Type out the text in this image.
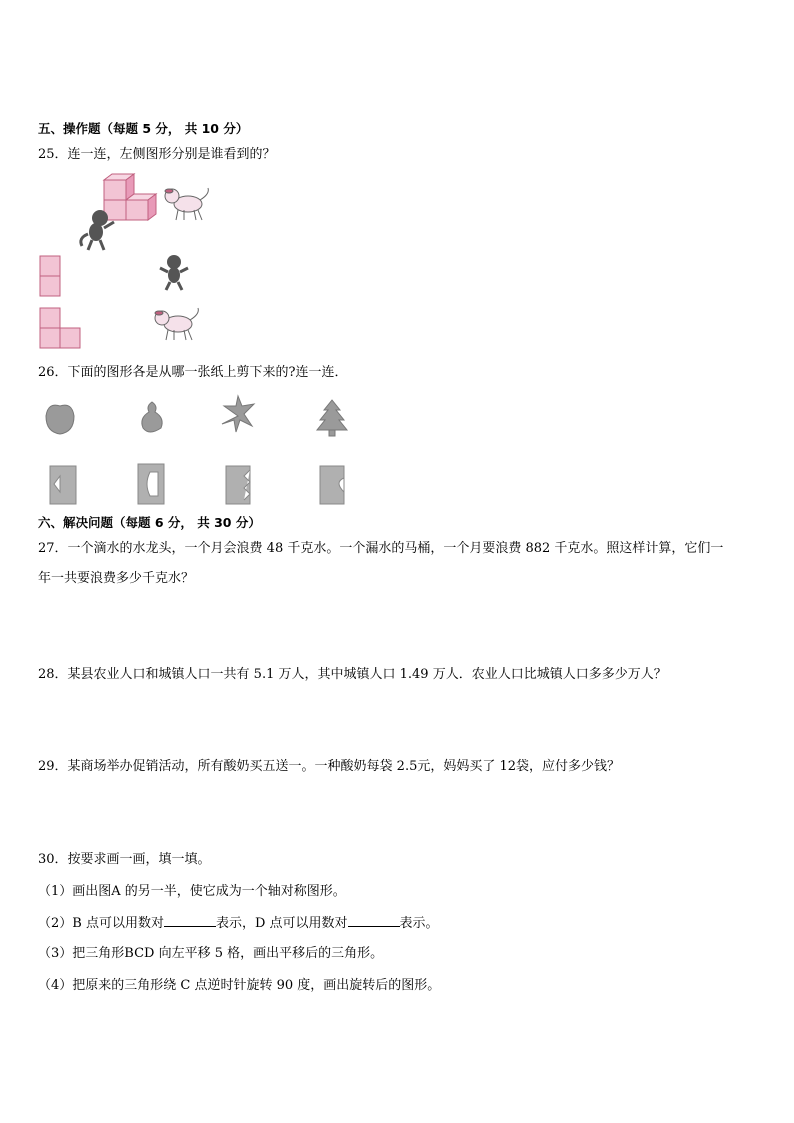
五、操作题（每题 5 分， 共 10 分）
25．连一连，左侧图形分别是谁看到的？
26．下面的图形各是从哪一张纸上剪下来的?连一连．
六、解决问题（每题 6 分， 共 30 分）
27．一个滴水的水龙头，一个月会浪费 48 千克水。一个漏水的马桶，一个月要浪费 882 千克水。照这样计算，它们一
年一共要浪费多少千克水？
28．某县农业人口和城镇人口一共有 5.1 万人，其中城镇人口 1.49 万人．农业人口比城镇人口多多少万人？
29．某商场举办促销活动，所有酸奶买五送一。一种酸奶每袋 2.5元，妈妈买了 12袋，应付多少钱？
30．按要求画一画，填一填。
（1）画出图A 的另一半，使它成为一个轴对称图形。
（2）B 点可以用数对	表示，D 点可以用数对	表示。
（3）把三角形BCD 向左平移 5 格，画出平移后的三角形。
（4）把原来的三角形绕 C 点逆时针旋转 90 度，画出旋转后的图形。
